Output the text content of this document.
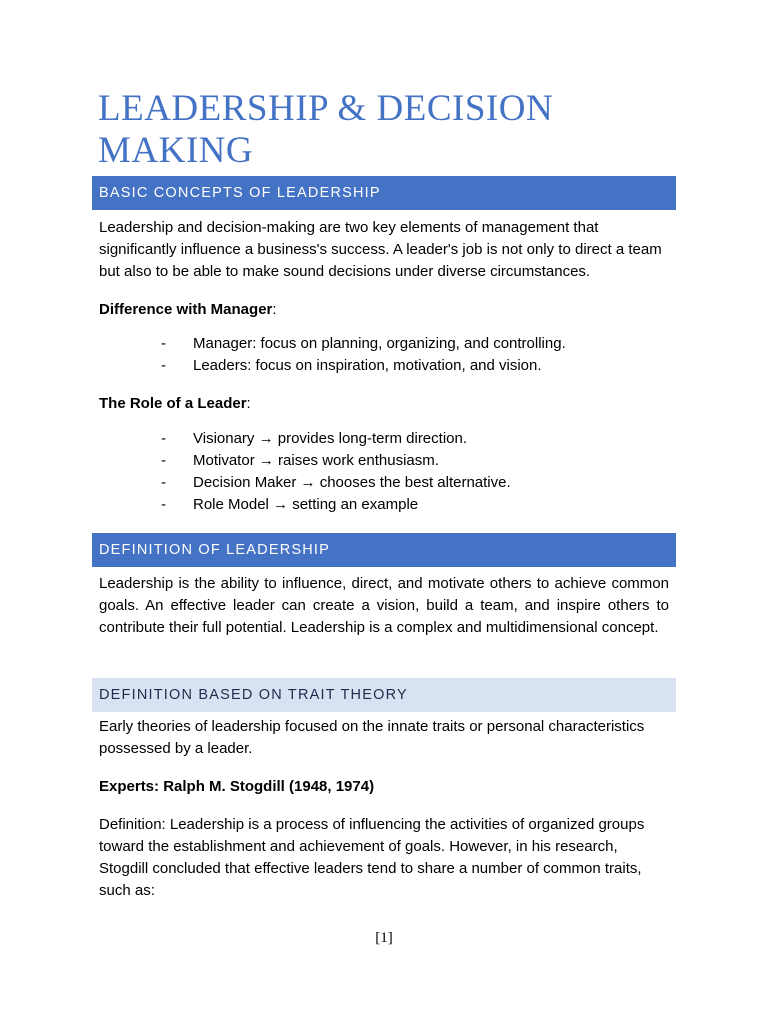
LEADERSHIP & DECISION MAKING
BASIC CONCEPTS OF LEADERSHIP

Leadership and decision-making are two key elements of management that significantly influence a business's success. A leader's job is not only to direct a team but also to be able to make sound decisions under diverse circumstances.

Difference with Manager:

- Manager: focus on planning, organizing, and controlling.
- Leaders: focus on inspiration, motivation, and vision.

The Role of a Leader:

- Visionary → provides long-term direction.
- Motivator → raises work enthusiasm.
- Decision Maker → chooses the best alternative.
- Role Model → setting an example
DEFINITION OF LEADERSHIP

Leadership is the ability to influence, direct, and motivate others to achieve common goals. An effective leader can create a vision, build a team, and inspire others to contribute their full potential. Leadership is a complex and multidimensional concept.

DEFINITION BASED ON TRAIT THEORY

Early theories of leadership focused on the innate traits or personal characteristics possessed by a leader.

Experts: Ralph M. Stogdill (1948, 1974)

Definition: Leadership is a process of influencing the activities of organized groups toward the establishment and achievement of goals. However, in his research, Stogdill concluded that effective leaders tend to share a number of common traits, such as:

[1]
